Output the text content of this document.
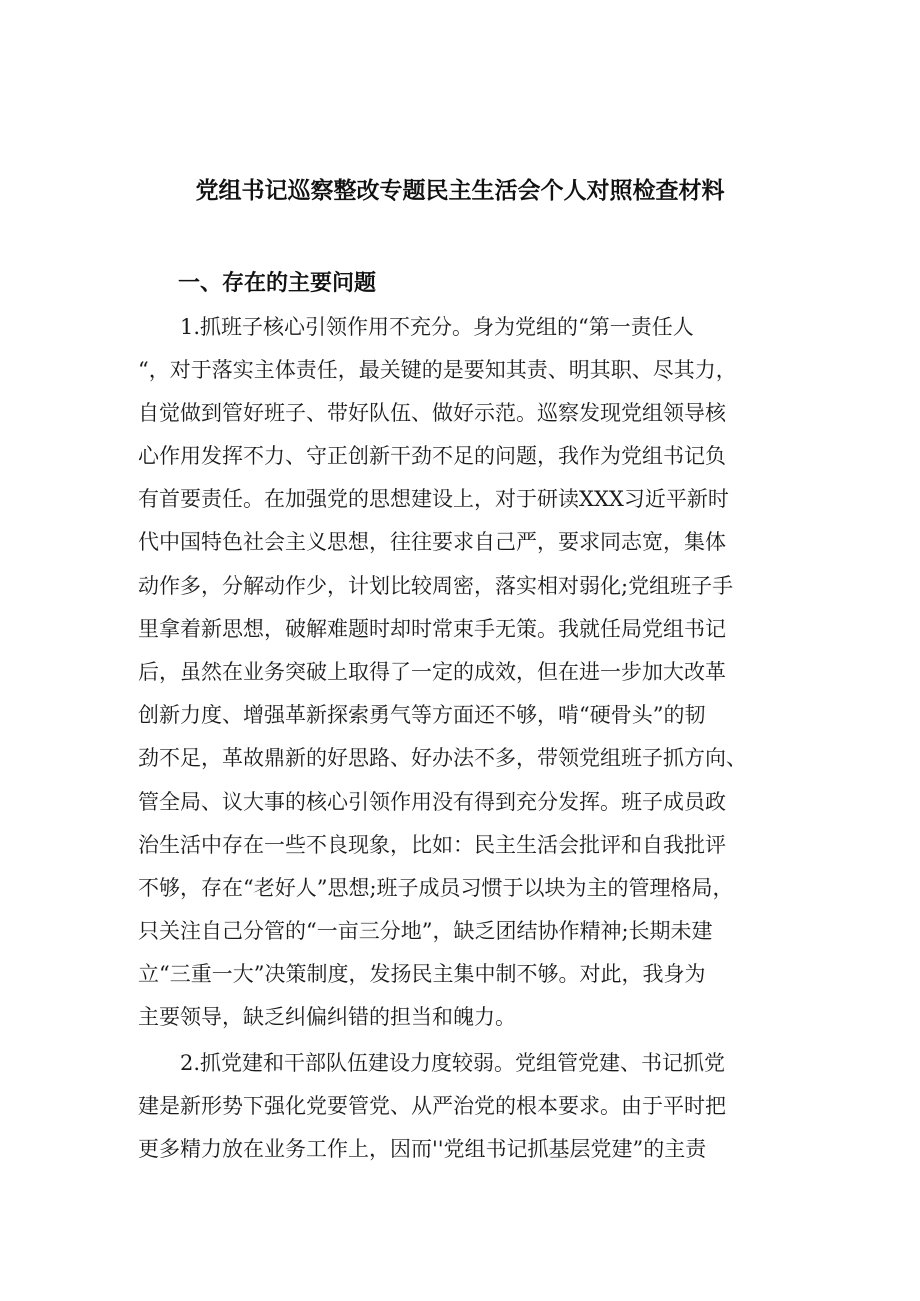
党组书记巡察整改专题民主生活会个人对照检查材料
一、存在的主要问题

1.抓班子核心引领作用不充分。身为党组的“第一责任人

“，对于落实主体责任，最关键的是要知其责、明其职、尽其力，

自觉做到管好班子、带好队伍、做好示范。巡察发现党组领导核

心作用发挥不力、守正创新干劲不足的问题，我作为党组书记负

有首要责任。在加强党的思想建设上，对于研读XXX习近平新时

代中国特色社会主义思想，往往要求自己严，要求同志宽，集体

动作多，分解动作少，计划比较周密，落实相对弱化;党组班子手

里拿着新思想，破解难题时却时常束手无策。我就任局党组书记

后，虽然在业务突破上取得了一定的成效，但在进一步加大改革

创新力度、增强革新探索勇气等方面还不够，啃“硬骨头”的韧

劲不足，革故鼎新的好思路、好办法不多，带领党组班子抓方向、

管全局、议大事的核心引领作用没有得到充分发挥。班子成员政

治生活中存在一些不良现象，比如：民主生活会批评和自我批评

不够，存在“老好人”思想;班子成员习惯于以块为主的管理格局，

只关注自己分管的“一亩三分地”，缺乏团结协作精神;长期未建

立“三重一大”决策制度，发扬民主集中制不够。对此，我身为

主要领导，缺乏纠偏纠错的担当和魄力。

2.抓党建和干部队伍建设力度较弱。党组管党建、书记抓党

建是新形势下强化党要管党、从严治党的根本要求。由于平时把

更多精力放在业务工作上，因而''党组书记抓基层党建”的主责
